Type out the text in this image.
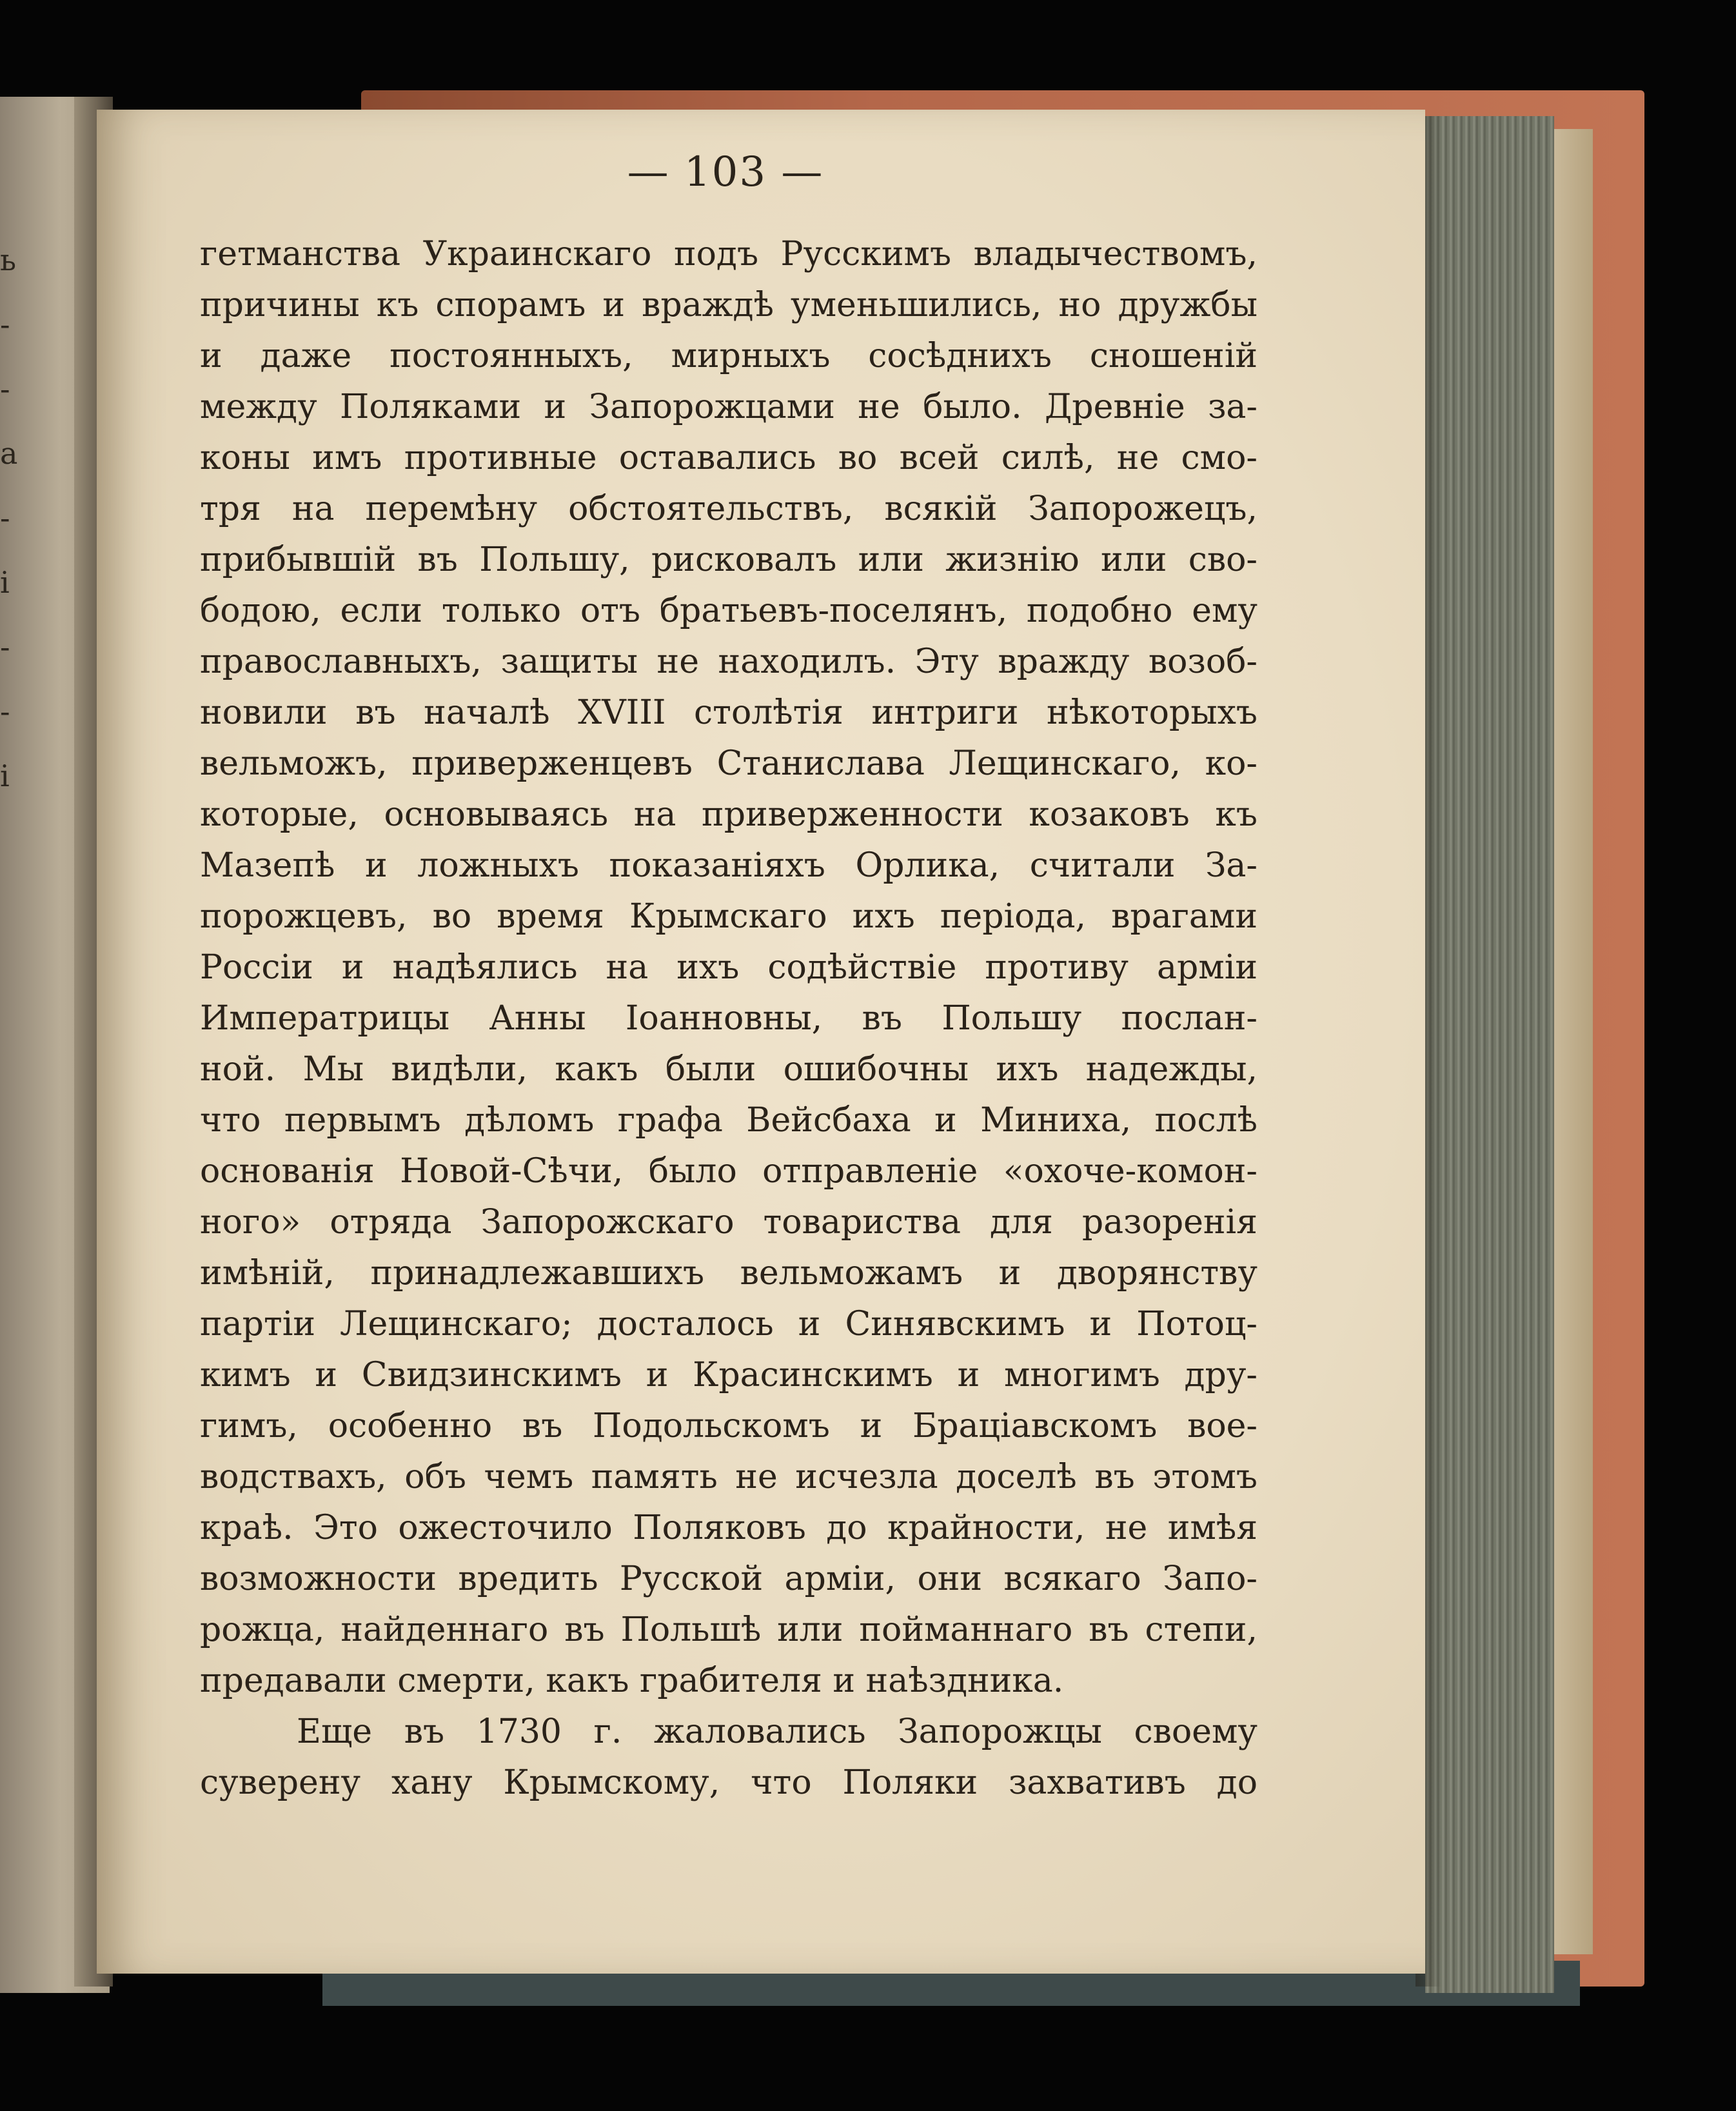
ь
-
-
а
-
і
-
-
і
— 103 —
гетманства Украинскаго подъ Русскимъ владычествомъ,
причины къ спорамъ и враждѣ уменьшились, но дружбы
и даже постоянныхъ, мирныхъ сосѣднихъ сношеній
между Поляками и Запорожцами не было. Древніе за-
коны имъ противные оставались во всей силѣ, не смо-
тря на перемѣну обстоятельствъ, всякій Запорожецъ,
прибывшій въ Польшу, рисковалъ или жизнію или сво-
бодою, если только отъ братьевъ-поселянъ, подобно ему
православныхъ, защиты не находилъ. Эту вражду возоб-
новили въ началѣ XVIII столѣтія интриги нѣкоторыхъ
вельможъ, приверженцевъ Станислава Лещинскаго, ко-
которые, основываясь на приверженности козаковъ къ
Мазепѣ и ложныхъ показаніяхъ Орлика, считали За-
порожцевъ, во время Крымскаго ихъ періода, врагами
Россіи и надѣялись на ихъ содѣйствіе противу арміи
Императрицы Анны Іоанновны, въ Польшу послан-
ной. Мы видѣли, какъ были ошибочны ихъ надежды,
что первымъ дѣломъ графа Вейсбаха и Миниха, послѣ
основанія Новой-Сѣчи, было отправленіе «охоче-комон-
ного» отряда Запорожскаго товариства для разоренія
имѣній, принадлежавшихъ вельможамъ и дворянству
партіи Лещинскаго; досталось и Синявскимъ и Потоц-
кимъ и Свидзинскимъ и Красинскимъ и многимъ дру-
гимъ, особенно въ Подольскомъ и Браціавскомъ вое-
водствахъ, объ чемъ память не исчезла доселѣ въ этомъ
краѣ. Это ожесточило Поляковъ до крайности, не имѣя
возможности вредить Русской арміи, они всякаго Запо-
рожца, найденнаго въ Польшѣ или пойманнаго въ степи,
предавали смерти, какъ грабителя и наѣздника.
Еще въ 1730 г. жаловались Запорожцы своему
суверену хану Крымскому, что Поляки захвативъ до
